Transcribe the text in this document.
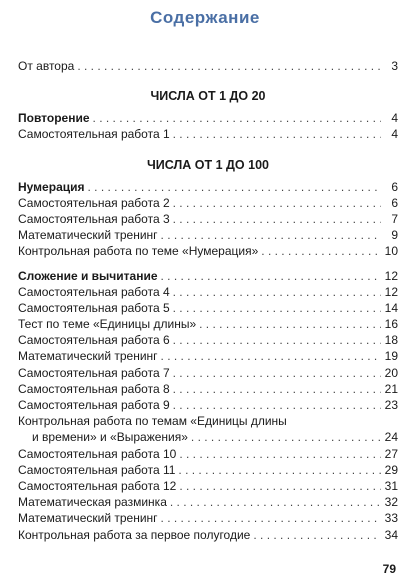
Содержание
От автора . . .	3
ЧИСЛА ОТ 1 ДО 20
Повторение . . .	4
Самостоятельная работа 1 . . .	4
ЧИСЛА ОТ 1 ДО 100
Нумерация . . .	6
Самостоятельная работа 2 . . .	6
Самостоятельная работа 3 . . .	7
Математический тренинг . . .	9
Контрольная работа по теме «Нумерация» . . .	10
Сложение и вычитание . . .	12
Самостоятельная работа 4 . . .	12
Самостоятельная работа 5 . . .	14
Тест по теме «Единицы длины» . . .	16
Самостоятельная работа 6 . . .	18
Математический тренинг . . .	19
Самостоятельная работа 7 . . .	20
Самостоятельная работа 8 . . .	21
Самостоятельная работа 9 . . .	23
Контрольная работа по темам «Единицы длины
и времени» и «Выражения» . . .	24
Самостоятельная работа 10 . . .	27
Самостоятельная работа 11 . . .	29
Самостоятельная работа 12 . . .	31
Математическая разминка . . .	32
Математический тренинг . . .	33
Контрольная работа за первое полугодие . . .	34
79
